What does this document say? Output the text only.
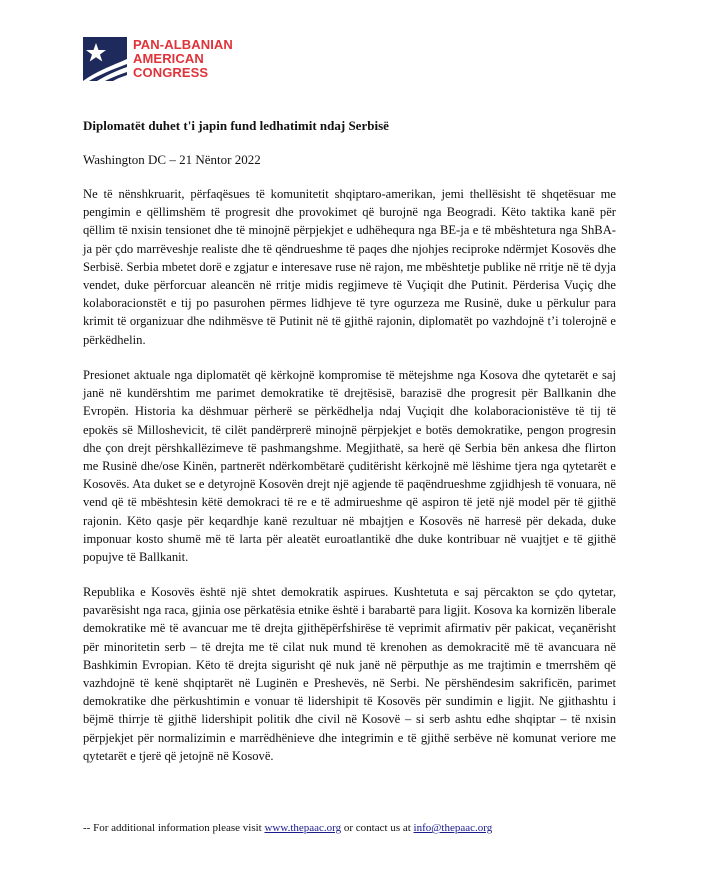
PAN-ALBANIAN
AMERICAN
CONGRESS
Diplomatët duhet t'i japin fund ledhatimit ndaj Serbisë

Washington DC – 21 Nëntor 2022

Ne të nënshkruarit, përfaqësues të komunitetit shqiptaro-amerikan, jemi thellësisht të shqetësuar me pengimin e qëllimshëm të progresit dhe provokimet që burojnë nga Beogradi. Këto taktika kanë për qëllim të nxisin tensionet dhe të minojnë përpjekjet e udhëhequra nga BE-ja e të mbështetura nga ShBA-ja për çdo marrëveshje realiste dhe të qëndrueshme të paqes dhe njohjes reciproke ndërmjet Kosovës dhe Serbisë. Serbia mbetet dorë e zgjatur e interesave ruse në rajon, me mbështetje publike në rritje në të dyja vendet, duke përforcuar aleancën në rritje midis regjimeve të Vuçiqit dhe Putinit. Përderisa Vuçiç dhe kolaboracionstët e tij po pasurohen përmes lidhjeve të tyre ogurzeza me Rusinë, duke u përkulur para krimit të organizuar dhe ndihmësve të Putinit në të gjithë rajonin, diplomatët po vazhdojnë t’i tolerojnë e përkëdhelin.

Presionet aktuale nga diplomatët që kërkojnë kompromise të mëtejshme nga Kosova dhe qytetarët e saj janë në kundërshtim me parimet demokratike të drejtësisë, barazisë dhe progresit për Ballkanin dhe Evropën. Historia ka dëshmuar përherë se përkëdhelja ndaj Vuçiqit dhe kolaboracionistëve të tij të epokës së Milloshevicit, të cilët pandërprerë minojnë përpjekjet e botës demokratike, pengon progresin dhe çon drejt përshkallëzimeve të pashmangshme. Megjithatë, sa herë që Serbia bën ankesa dhe flirton me Rusinë dhe/ose Kinën, partnerët ndërkombëtarë çuditërisht kërkojnë më lëshime tjera nga qytetarët e Kosovës. Ata duket se e detyrojnë Kosovën drejt një agjende të paqëndrueshme zgjidhjesh të vonuara, në vend që të mbështesin këtë demokraci të re e të admirueshme që aspiron të jetë një model për të gjithë rajonin. Këto qasje për keqardhje kanë rezultuar në mbajtjen e Kosovës në harresë për dekada, duke imponuar kosto shumë më të larta për aleatët euroatlantikë dhe duke kontribuar në vuajtjet e të gjithë popujve të Ballkanit.

Republika e Kosovës është një shtet demokratik aspirues. Kushtetuta e saj përcakton se çdo qytetar, pavarësisht nga raca, gjinia ose përkatësia etnike është i barabartë para ligjit. Kosova ka kornizën liberale demokratike më të avancuar me të drejta gjithëpërfshirëse të veprimit afirmativ për pakicat, veçanërisht për minoritetin serb – të drejta me të cilat nuk mund të krenohen as demokracitë më të avancuara në Bashkimin Evropian. Këto të drejta sigurisht që nuk janë në përputhje as me trajtimin e tmerrshëm që vazhdojnë të kenë shqiptarët në Luginën e Preshevës, në Serbi. Ne përshëndesim sakrificën, parimet demokratike dhe përkushtimin e vonuar të lidershipit të Kosovës për sundimin e ligjit. Ne gjithashtu i bëjmë thirrje të gjithë lidershipit politik dhe civil në Kosovë – si serb ashtu edhe shqiptar – të nxisin përpjekjet për normalizimin e marrëdhënieve dhe integrimin e të gjithë serbëve në komunat veriore me qytetarët e tjerë që jetojnë në Kosovë.

-- For additional information please visit www.thepaac.org or contact us at info@thepaac.org
